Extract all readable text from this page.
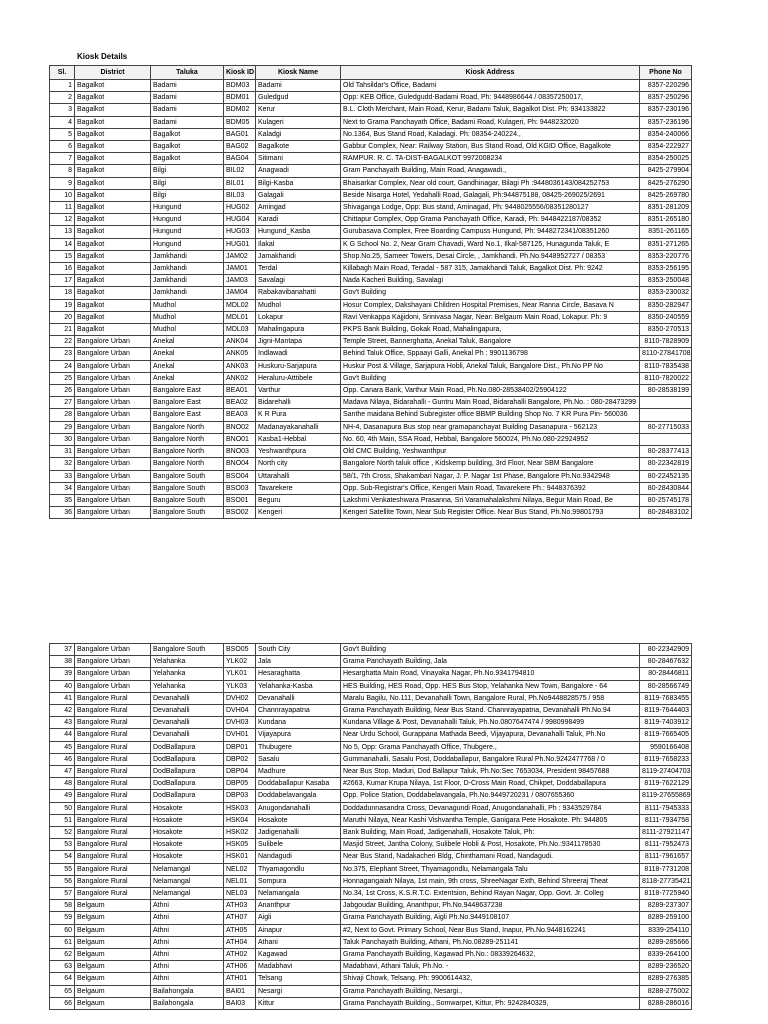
Kiosk Details
Sl.	District	Taluka	Kiosk ID	Kiosk Name	Kiosk Address	Phone No
1	Bagalkot	Badami	BDM03	Badami	Old Tahsildar's Office, Badami	8357-220296
2	Bagalkot	Badami	BDM01	Guledgud	Opp: KEB Office, Guledgudd-Badami Road, Ph: 9448986644 / 08357250017,	8357-250296
3	Bagalkot	Badami	BDM02	Kerur	B.L. Cloth Merchant, Main Road, Kerur, Badami Taluk, Bagalkot Dist. Ph: 934133822	8357-230196
4	Bagalkot	Badami	BDM05	Kulageri	Next to Grama Panchayath Office, Badami Road, Kulageri, Ph: 9448232020	8357-236196
5	Bagalkot	Bagalkot	BAG01	Kaladgi	No.1364, Bus Stand Road, Kaladagi. Ph: 08354-240224.,	8354-240066
6	Bagalkot	Bagalkot	BAG02	Bagalkote	Gabbur Complex, Near: Railway Station, Bus Stand Road, Old KGID Office, Bagalkote	8354-222927
7	Bagalkot	Bagalkot	BAG04	Sitimani	RAMPUR. R. C. TA-DIST-BAGALKOT 9972008234	8354-250025
8	Bagalkot	Bilgi	BIL02	Anagwadi	Gram Panchayath Building, Main Road, Anagawadi.,	8425-279904
9	Bagalkot	Bilgi	BIL01	Bilgi-Kasba	Bhaisarkar Complex, Near old court, Gandhinagar, Bilagi Ph :9448036143/084252753	8425-276290
10	Bagalkot	Bilgi	BIL03	Galagali	Beside Nisarga Hotel, Yedahalli Road, Galagali, Ph:944875188, 08425-269025/2691	8425-269780
11	Bagalkot	Hungund	HUG02	Amingad	Shivaganga Lodge, Opp: Bus stand, Aminagad, Ph: 9448025556/08351280127	8351-281209
12	Bagalkot	Hungund	HUG04	Karadi	Chittapur Complex, Opp Grama Panchayath Office, Karadi, Ph: 9448422187/08352	8351-265180
13	Bagalkot	Hungund	HUG03	Hungund_Kasba	Gurubasava Complex, Free Boarding Campuss Hungund, Ph: 9448272341/08351260	8351-261165
14	Bagalkot	Hungund	HUG01	Ilakal	K G School No. 2, Near Gram Chavadi, Ward No.1, Ilkal-587125, Hunagunda Taluk, E	8351-271265
15	Bagalkot	Jamkhandi	JAM02	Jamakhandi	Shop.No.25, Sameer Towers, Desai Circle, , Jamkhandi. Ph.No.9448952727 / 08353	8353-220776
16	Bagalkot	Jamkhandi	JAM01	Terdal	Killabagh Main Road, Teradal - 587 315, Jamakhandi Taluk, Bagalkot Dist. Ph: 9242	8353-256195
17	Bagalkot	Jamkhandi	JAM03	Savalagi	Nada Kacheri Building, Savalagi	8353-250048
18	Bagalkot	Jamkhandi	JAM04	Rabakavibanahatti	Gov't Building	8353-230032
19	Bagalkot	Mudhol	MDL02	Mudhol	Hosur Complex, Dakshayani Children Hospital Premises, Near Ranna Circle, Basava N	8350-282947
20	Bagalkot	Mudhol	MDL01	Lokapur	Ravi Venkappa Kajjidoni, Srinivasa Nagar, Near: Belgaum Main Road, Lokapur. Ph: 9	8350-240559
21	Bagalkot	Mudhol	MDL03	Mahalingapura	PKPS Bank Building, Gokak Road, Mahalingapura,	8350-270513
22	Bangalore Urban	Anekal	ANK04	Jigni-Mantapa	Temple Street, Bannerghatta, Anekal Taluk, Bangalore	8110-7828909
23	Bangalore Urban	Anekal	ANK05	Indlawadi	Behind Taluk Office, Sppaayi Galli, Anekal Ph : 9901136798	8110-27841708
24	Bangalore Urban	Anekal	ANK03	Huskuru-Sarjapura	Huskur Post & Village, Sarjapura Hobli, Anekal Taluk, Bangalore Dist., Ph.No PP No	8110-7835438
25	Bangalore Urban	Anekal	ANK02	Heraluru-Atttibele	Gov't Building	8110-7820022
26	Bangalore Urban	Bangalore East	BEA01	Varthur	Opp. Canara Bank, Varthur Main Road, Ph.No.080-28538402/25904122	80-28538199
27	Bangalore Urban	Bangalore East	BEA02	Bidarehalli	Madava Nilaya, Bidarahalli - Guntru Main Road, Bidarahalli Bangalore, Ph.No. : 080-28473299	
28	Bangalore Urban	Bangalore East	BEA03	K R Pura	Santhe maidana Behind Subregister office BBMP Building Shop No. 7 KR Pura Pin- 560036	
29	Bangalore Urban	Bangalore North	BNO02	Madanayakanahalli	NH-4, Dasanapura Bus stop near gramapanchayat Building Dasanapura - 562123	80-27715033
30	Bangalore Urban	Bangalore North	BNO01	Kasba1-Hebbal	No. 60, 4th Main, SSA Road, Hebbal, Bangalore 560024, Ph.No.080-22924952	
31	Bangalore Urban	Bangalore North	BNO03	Yeshwanthpura	Old CMC Building, Yeshwanthpur	80-28377413
32	Bangalore Urban	Bangalore North	BNO04	North city	Bangalore North taluk office , Kidskemp building, 3rd Floor, Near SBM Bangalore	80-22342819
33	Bangalore Urban	Bangalore South	BSO04	Uttarahalli	58/1, 7th Cross, Shakambari Nagar, J. P. Nagar 1st Phase, Bangalore Ph.No.9342948	80-22452135
34	Bangalore Urban	Bangalore South	BSO03	Tavarekere	Opp. Sub-Registrar's Office, Kengeri Main Road, Tavarekere Ph.: 9448376392	80-28430844
35	Bangalore Urban	Bangalore South	BSO01	Beguru	Lakshmi Venkateshwara Prasanna, Sri Varamahalakshmi Nilaya, Begur Main Road, Be	80-25745178
36	Bangalore Urban	Bangalore South	BSO02	Kengeri	Kengeri Satellite Town, Near Sub Register Office. Near Bus Stand, Ph.No.99801793	80-28483102
37	Bangalore Urban	Bangalore South	BSO05	South City	Gov't Building	80-22342909
38	Bangalore Urban	Yelahanka	YLK02	Jala	Grama Panchayath Building, Jala	80-28467632
39	Bangalore Urban	Yelahanka	YLK01	Hesaraghatta	Hesarghatta Main Road, Vinayaka Nagar, Ph.No.9341794810	80-28446811
40	Bangalore Urban	Yelahanka	YLK03	Yelahanka-Kasba	HES Building, HES Road, Opp. HES Bus Stop, Yelahanka New Town, Bangalore - 64	80-28566749
41	Bangalore Rural	Devanahalli	DVH02	Devanahalli	Maralu Bagilu, No.111, Devanahalli Town, Bangalore Rural, Ph.No9448828575 / 958	8119-7683455
42	Bangalore Rural	Devanahalli	DVH04	Channrayapatna	Grama Panchayath Building, Near Bus Stand. Channrayapatna, Devanahalli Ph.No.94	8119-7644403
43	Bangalore Rural	Devanahalli	DVH03	Kundana	Kundana Village & Post, Devanahalli Taluk, Ph.No.0807647474 / 9980998499	8119-7403912
44	Bangalore Rural	Devanahalli	DVH01	Vijayapura	Near Urdu School, Gurappana Mathada Beedi, Vijayapura, Devanahalli Taluk, Ph.No	8119-7665405
45	Bangalore Rural	DodBallapura	DBP01	Thubugere	No 5, Opp: Grama Panchayath Office, Thubgere.,	9590166408
46	Bangalore Rural	DodBallapura	DBP02	Sasalu	Gummanahalli, Sasalu Post, Doddaballapur, Bangalore Rural Ph.No.9242477768 / 0	8119-7658233
47	Bangalore Rural	DodBallapura	DBP04	Madhure	Near Bus Stop. Maduri, Dod Ballapur Taluk, Ph.No:Sec 7653034, President 98457688	8119-27404703
48	Bangalore Rural	DodBallapura	DBP05	Doddaballapur Kasaba	#2663, Kumar Krupa Nilaya, 1st Floor, D-Cross Main Road, Chikpet, Doddaballapura	8119-7622129
49	Bangalore Rural	DodBallapura	DBP03	Doddabelavangala	Opp. Police Station, Doddabelavangala, Ph.No.9449720231 / 0807655360	8119-27655869
50	Bangalore Rural	Hosakote	HSK03	Anugondanahalli	Doddadunnasandra Cross, Devanagundi Road, Anugondanahalli, Ph : 9343529784	8111-7945333
51	Bangalore Rural	Hosakote	HSK04	Hosakote	Maruthi Nilaya, Near Kashi Vishvantha Temple, Ganigara Pete Hosakote. Ph: 944805	8111-7934758
52	Bangalore Rural	Hosakote	HSK02	Jadigenahalli	Bank Building, Main Road, Jadigenahalli, Hosakote Taluk, Ph:	8111-27921147
53	Bangalore Rural	Hosakote	HSK05	Sulibele	Masjid Street, Jantha Colony, Sulibele Hobli & Post, Hosakote, Ph.No.:9341178530	8111-7952473
54	Bangalore Rural	Hosakote	HSK01	Nandagudi	Near Bus Stand, Nadakacheri Bldg, Chinthamani Road, Nandagudi.	8111-7961657
55	Bangalore Rural	Nelamangal	NEL02	Thyamagondlu	No.375, Elephant Street, Thyamagondlu, Nelamangala Talu	8118-7731208
56	Bangalore Rural	Nelamangal	NEL01	Sompura	Honnagangaiah Nilaya, 1st main, 9th cross, ShreeNagar Exth, Behind Shreeraj Theat	8118-27735421
57	Bangalore Rural	Nelamangal	NEL03	Nelamangala	No.34, 1st Cross, K.S.R.T.C. Extentsion, Behind Rayan Nagar, Opp. Govt. Jr. Colleg	8118-7725940
58	Belgaum	Athni	ATH03	Ananthpur	Jabgoudar Building, Ananthpur, Ph.No.9448637238	8289-237307
59	Belgaum	Athni	ATH07	Aigli	Grama Panchayath Building, Aigli Ph.No.9449108107	8289-259100
60	Belgaum	Athni	ATH05	Ainapur	#2, Next to Govt. Primary School, Near Bus Stand, Inapur, Ph.No.9448162241	8339-254110
61	Belgaum	Athni	ATH04	Athani	Taluk Panchayath Building, Athani, Ph.No.08289-251141	8289-285666
62	Belgaum	Athni	ATH02	Kagawad	Grama Panchayath Building, Kagawad Ph.No.: 08339264632,	8339-264100
63	Belgaum	Athni	ATH06	Madabhavi	Madabhavi, Athani Taluk, Ph.No. -	8289-236520
64	Belgaum	Athni	ATH01	Telsang	Shivaji Chowk, Telsang. Ph: 9900614432,	8289-276385
65	Belgaum	Bailahongala	BAI01	Nesargi	Grama Panchayath Building, Nesargi.,	8288-275002
66	Belgaum	Bailahongala	BAI03	Kittur	Grama Panchayath Building., Somwarpet, Kittur, Ph: 9242840329,	8288-286016
